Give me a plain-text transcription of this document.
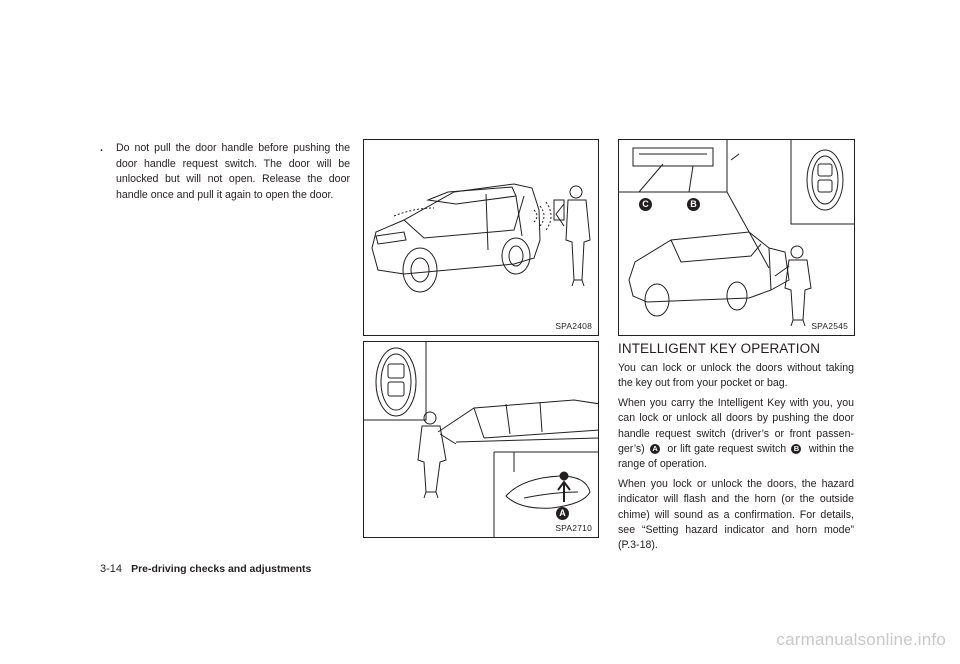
.	Do not pull the door handle before pushing the door handle request switch. The door will be unlocked but will not open. Release the door handle once and pull it again to open the door.
SPA2408
A
SPA2710
C	B
SPA2545
INTELLIGENT KEY OPERATION

You can lock or unlock the doors without taking the key out from your pocket or bag.

When you carry the Intelligent Key with you, you can lock or unlock all doors by pushing the door handle request switch (driver’s or front passen-ger’s) A or lift gate request switch B within the range of operation.

When you lock or unlock the doors, the hazard indicator will flash and the horn (or the outside chime) will sound as a confirmation. For details, see “Setting hazard indicator and horn mode” (P.3-18).

3-14 Pre-driving checks and adjustments
carmanualsonline.info
